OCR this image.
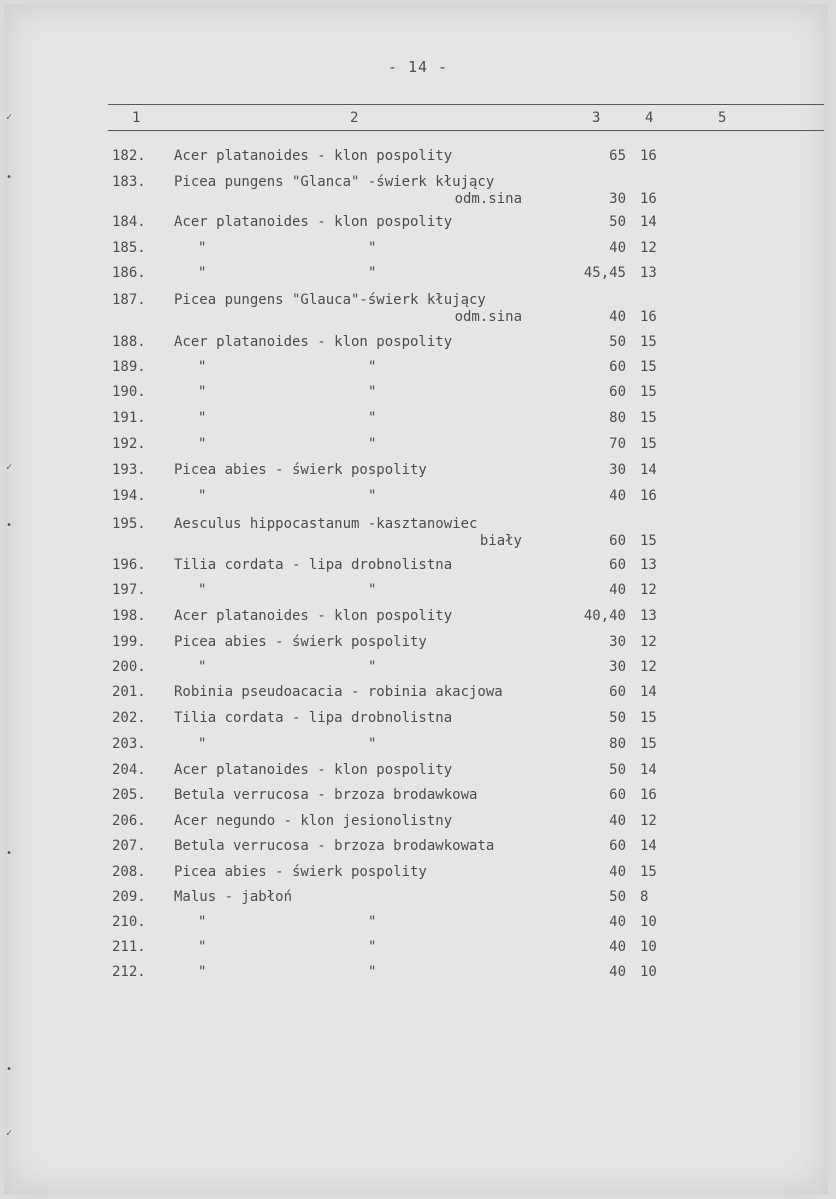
- 14 -
1	2	3	4	5
182. Acer platanoides - klon pospolity	65 16
183. Picea pungens "Glanca" -świerk kłujący
odm.sina	30 16
184. Acer platanoides - klon pospolity	50 14
185.	"	"	40 12
186.	"	"	45,45 13
187. Picea pungens "Glauca"-świerk kłujący
odm.sina	40 16
188. Acer platanoides - klon pospolity	50 15
189.	"	"	60 15
190.	"	"	60 15
191.	"	"	80 15
192.	"	"	70 15
193. Picea abies - świerk pospolity	30 14
194.	"	"	40 16
195. Aesculus hippocastanum -kasztanowiec
biały	60 15
196. Tilia cordata - lipa drobnolistna	60 13
197.	"	"	40 12
198. Acer platanoides - klon pospolity	40,40 13
199. Picea abies - świerk pospolity	30 12
200.	"	"	30 12
201. Robinia pseudoacacia - robinia akacjowa	60 14
202. Tilia cordata - lipa drobnolistna	50 15
203.	"	"	80 15
204. Acer platanoides - klon pospolity	50 14
205. Betula verrucosa - brzoza brodawkowa	60 16
206. Acer negundo - klon jesionolistny	40 12
207. Betula verrucosa - brzoza brodawkowata	60 14
208. Picea abies - świerk pospolity	40 15
209. Malus - jabłoń	50 8
210.	"	"	40 10
211.	"	"	40 10
212.	"	"	40 10
✓
•
✓
•
•
•
✓
